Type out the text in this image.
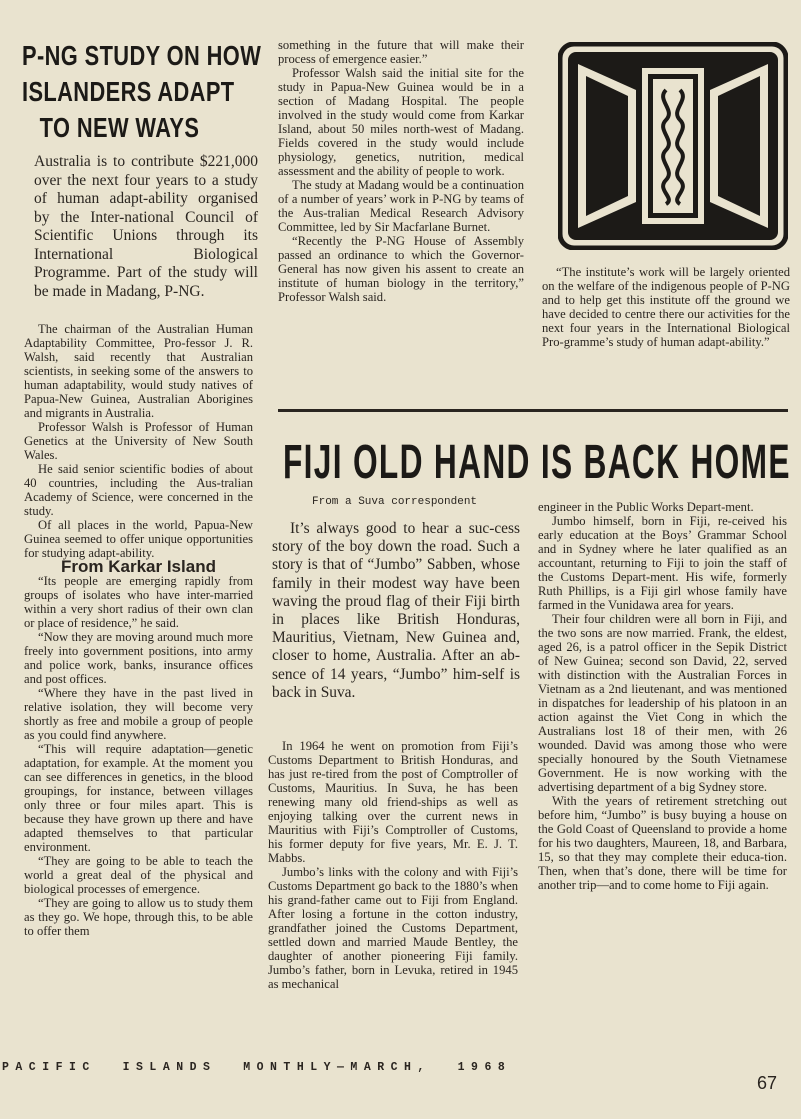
P-NG STUDY ON HOW
ISLANDERS ADAPT
TO NEW WAYS
Australia is to contribute $221,000 over the next four years to a study of human adapt-ability organised by the Inter-national Council of Scientific Unions through its International Biological Programme. Part of the study will be made in Madang, P-NG.

The chairman of the Australian Human Adaptability Committee, Pro-fessor J. R. Walsh, said recently that Australian scientists, in seeking some of the answers to human adaptability, would study natives of Papua-New Guinea, Australian Aborigines and migrants in Australia.

Professor Walsh is Professor of Human Genetics at the University of New South Wales.

He said senior scientific bodies of about 40 countries, including the Aus-tralian Academy of Science, were concerned in the study.

Of all places in the world, Papua-New Guinea seemed to offer unique opportunities for studying adapt-ability.

From Karkar Island

“Its people are emerging rapidly from groups of isolates who have inter-married within a very short radius of their own clan or place of residence,” he said.

“Now they are moving around much more freely into government positions, into army and police work, banks, insurance offices and post offices.

“Where they have in the past lived in relative isolation, they will become very shortly as free and mobile a group of people as you could find anywhere.

“This will require adaptation—genetic adaptation, for example. At the moment you can see differences in genetics, in the blood groupings, for instance, between villages only three or four miles apart. This is because they have grown up there and have adapted themselves to that particular environment.

“They are going to be able to teach the world a great deal of the physical and biological processes of emergence.

“They are going to allow us to study them as they go. We hope, through this, to be able to offer them

something in the future that will make their process of emergence easier.”

Professor Walsh said the initial site for the study in Papua-New Guinea would be in a section of Madang Hospital. The people involved in the study would come from Karkar Island, about 50 miles north-west of Madang. Fields covered in the study would include physiology, genetics, nutrition, medical assessment and the ability of people to work.

The study at Madang would be a continuation of a number of years’ work in P-NG by teams of the Aus-tralian Medical Research Advisory Committee, led by Sir Macfarlane Burnet.

“Recently the P-NG House of Assembly passed an ordinance to which the Governor-General has now given his assent to create an institute of human biology in the territory,” Professor Walsh said.

“The institute’s work will be largely oriented on the welfare of the indigenous people of P-NG and to help get this institute off the ground we have decided to centre there our activities for the next four years in the International Biological Pro-gramme’s study of human adapt-ability.”

FIJI OLD HAND IS BACK HOME
From a Suva correspondent

It’s always good to hear a suc-cess story of the boy down the road. Such a story is that of “Jumbo” Sabben, whose family in their modest way have been waving the proud flag of their Fiji birth in places like British Honduras, Mauritius, Vietnam, New Guinea and, closer to home, Australia. After an ab-sence of 14 years, “Jumbo” him-self is back in Suva.

In 1964 he went on promotion from Fiji’s Customs Department to British Honduras, and has just re-tired from the post of Comptroller of Customs, Mauritius. In Suva, he has been renewing many old friend-ships as well as enjoying talking over the current news in Mauritius with Fiji’s Comptroller of Customs, his former deputy for five years, Mr. E. J. T. Mabbs.

Jumbo’s links with the colony and with Fiji’s Customs Department go back to the 1880’s when his grand-father came out to Fiji from England. After losing a fortune in the cotton industry, grandfather joined the Customs Department, settled down and married Maude Bentley, the daughter of another pioneering Fiji family. Jumbo’s father, born in Levuka, retired in 1945 as mechanical

engineer in the Public Works Depart-ment.

Jumbo himself, born in Fiji, re-ceived his early education at the Boys’ Grammar School and in Sydney where he later qualified as an accountant, returning to Fiji to join the staff of the Customs Depart-ment. His wife, formerly Ruth Phillips, is a Fiji girl whose family have farmed in the Vunidawa area for years.

Their four children were all born in Fiji, and the two sons are now married. Frank, the eldest, aged 26, is a patrol officer in the Sepik District of New Guinea; second son David, 22, served with distinction with the Australian Forces in Vietnam as a 2nd lieutenant, and was mentioned in dispatches for leadership of his platoon in an action against the Viet Cong in which the Australians lost 18 of their men, with 26 wounded. David was among those who were specially honoured by the South Vietnamese Government. He is now working with the advertising department of a big Sydney store.

With the years of retirement stretching out before him, “Jumbo” is busy buying a house on the Gold Coast of Queensland to provide a home for his two daughters, Maureen, 18, and Barbara, 15, so that they may complete their educa-tion. Then, when that’s done, there will be time for another trip—and to come home to Fiji again.

PACIFIC  ISLANDS  MONTHLY—MARCH,  1968
67
